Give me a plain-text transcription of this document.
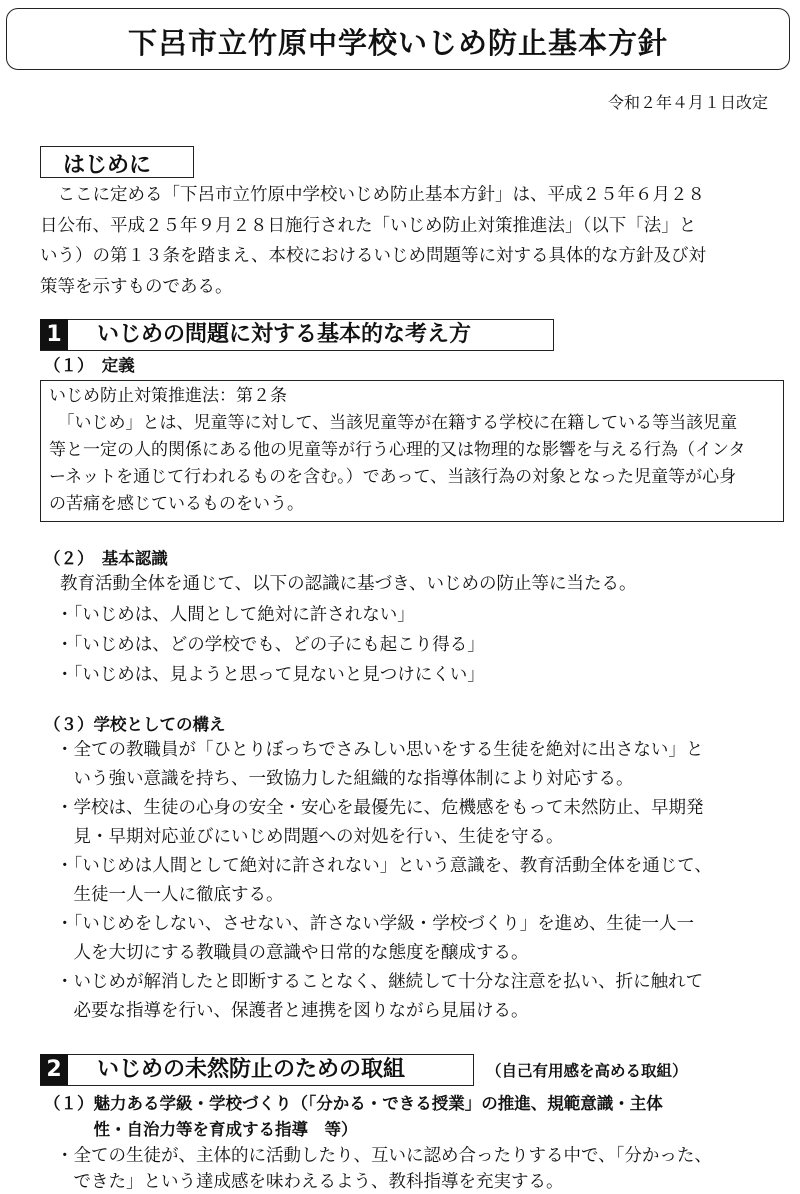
下呂市立竹原中学校いじめ防止基本方針
令和２年４月１日改定
はじめに
　ここに定める「下呂市立竹原中学校いじめ防止基本方針」は、平成２５年６月２８
日公布、平成２５年９月２８日施行された「いじめ防止対策推進法」（以下「法」と
いう）の第１３条を踏まえ、本校におけるいじめ問題等に対する具体的な方針及び対
策等を示すものである。
1 いじめの問題に対する基本的な考え方
（１）　定義
いじめ防止対策推進法：第２条
　「いじめ」とは、児童等に対して、当該児童等が在籍する学校に在籍している等当該児童
等と一定の人的関係にある他の児童等が行う心理的又は物理的な影響を与える行為（インタ
ーネットを通じて行われるものを含む。）であって、当該行為の対象となった児童等が心身
の苦痛を感じているものをいう。
（２）　基本認識
教育活動全体を通じて、以下の認識に基づき、いじめの防止等に当たる。
・「いじめは、人間として絶対に許されない」
・「いじめは、どの学校でも、どの子にも起こり得る」
・「いじめは、見ようと思って見ないと見つけにくい」
（３）学校としての構え
・全ての教職員が「ひとりぼっちでさみしい思いをする生徒を絶対に出さない」と
　いう強い意識を持ち、一致協力した組織的な指導体制により対応する。
・学校は、生徒の心身の安全・安心を最優先に、危機感をもって未然防止、早期発
　見・早期対応並びにいじめ問題への対処を行い、生徒を守る。
・「いじめは人間として絶対に許されない」という意識を、教育活動全体を通じて、
　生徒一人一人に徹底する。
・「いじめをしない、させない、許さない学級・学校づくり」を進め、生徒一人一
　人を大切にする教職員の意識や日常的な態度を醸成する。
・いじめが解消したと即断することなく、継続して十分な注意を払い、折に触れて
　必要な指導を行い、保護者と連携を図りながら見届ける。
2 いじめの未然防止のための取組	（自己有用感を高める取組）
（１）魅力ある学級・学校づくり（「分かる・できる授業」の推進、規範意識・主体
　　　性・自治力等を育成する指導　等）
・全ての生徒が、主体的に活動したり、互いに認め合ったりする中で、「分かった、
　できた」という達成感を味わえるよう、教科指導を充実する。
